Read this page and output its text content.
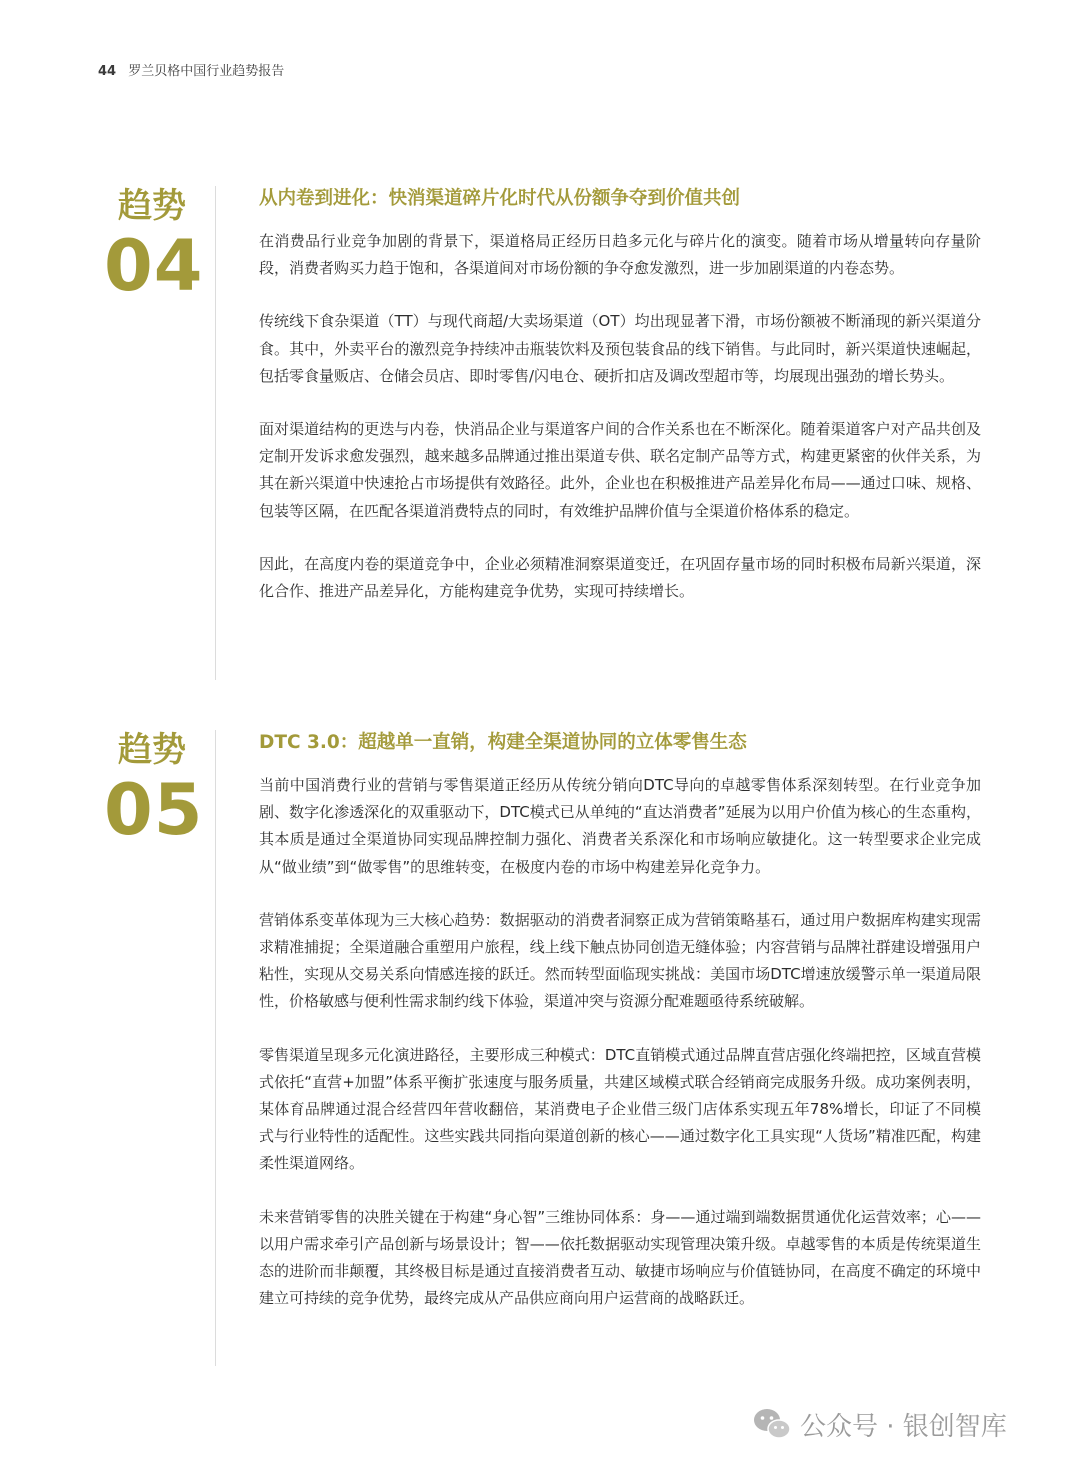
44 罗兰贝格中国行业趋势报告
趋势
04
从内卷到进化：快消渠道碎片化时代从份额争夺到价值共创

在消费品行业竞争加剧的背景下，渠道格局正经历日趋多元化与碎片化的演变。随着市场从增量转向存量阶段，消费者购买力趋于饱和，各渠道间对市场份额的争夺愈发激烈，进一步加剧渠道的内卷态势。

传统线下食杂渠道（TT）与现代商超/大卖场渠道（OT）均出现显著下滑，市场份额被不断涌现的新兴渠道分食。其中，外卖平台的激烈竞争持续冲击瓶装饮料及预包装食品的线下销售。与此同时，新兴渠道快速崛起，包括零食量贩店、仓储会员店、即时零售/闪电仓、硬折扣店及调改型超市等，均展现出强劲的增长势头。

面对渠道结构的更迭与内卷，快消品企业与渠道客户间的合作关系也在不断深化。随着渠道客户对产品共创及定制开发诉求愈发强烈，越来越多品牌通过推出渠道专供、联名定制产品等方式，构建更紧密的伙伴关系，为其在新兴渠道中快速抢占市场提供有效路径。此外，企业也在积极推进产品差异化布局——通过口味、规格、包装等区隔，在匹配各渠道消费特点的同时，有效维护品牌价值与全渠道价格体系的稳定。

因此，在高度内卷的渠道竞争中，企业必须精准洞察渠道变迁，在巩固存量市场的同时积极布局新兴渠道，深化合作、推进产品差异化，方能构建竞争优势，实现可持续增长。

趋势
05
DTC 3.0：超越单一直销，构建全渠道协同的立体零售生态

当前中国消费行业的营销与零售渠道正经历从传统分销向DTC导向的卓越零售体系深刻转型。在行业竞争加剧、数字化渗透深化的双重驱动下，DTC模式已从单纯的“直达消费者”延展为以用户价值为核心的生态重构，其本质是通过全渠道协同实现品牌控制力强化、消费者关系深化和市场响应敏捷化。这一转型要求企业完成从“做业绩”到“做零售”的思维转变，在极度内卷的市场中构建差异化竞争力。

营销体系变革体现为三大核心趋势：数据驱动的消费者洞察正成为营销策略基石，通过用户数据库构建实现需求精准捕捉；全渠道融合重塑用户旅程，线上线下触点协同创造无缝体验；内容营销与品牌社群建设增强用户粘性，实现从交易关系向情感连接的跃迁。然而转型面临现实挑战：美国市场DTC增速放缓警示单一渠道局限性，价格敏感与便利性需求制约线下体验，渠道冲突与资源分配难题亟待系统破解。

零售渠道呈现多元化演进路径，主要形成三种模式：DTC直销模式通过品牌直营店强化终端把控，区域直营模式依托“直营+加盟”体系平衡扩张速度与服务质量，共建区域模式联合经销商完成服务升级。成功案例表明，某体育品牌通过混合经营四年营收翻倍，某消费电子企业借三级门店体系实现五年78%增长，印证了不同模式与行业特性的适配性。这些实践共同指向渠道创新的核心——通过数字化工具实现“人货场”精准匹配，构建柔性渠道网络。

未来营销零售的决胜关键在于构建“身心智”三维协同体系：身——通过端到端数据贯通优化运营效率；心——以用户需求牵引产品创新与场景设计；智——依托数据驱动实现管理决策升级。卓越零售的本质是传统渠道生态的进阶而非颠覆，其终极目标是通过直接消费者互动、敏捷市场响应与价值链协同，在高度不确定的环境中建立可持续的竞争优势，最终完成从产品供应商向用户运营商的战略跃迁。

公众号 · 银创智库
